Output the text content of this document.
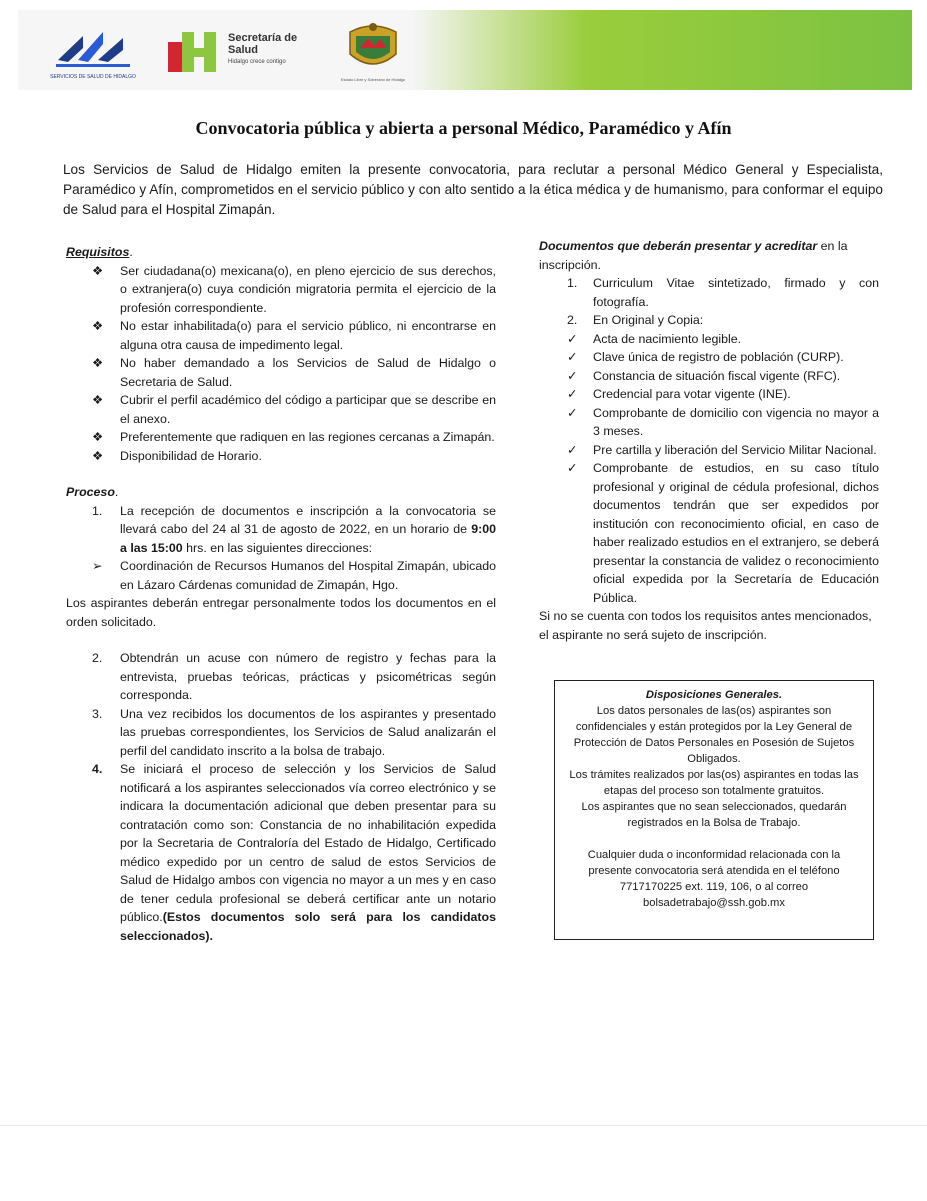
SERVICIOS DE SALUD DE HIDALGO
Secretaría de Salud
Hidalgo crece contigo
Estado Libre y Soberano de Hidalgo
Convocatoria pública y abierta a personal Médico, Paramédico y Afín

Los Servicios de Salud de Hidalgo emiten la presente convocatoria, para reclutar a personal Médico General y Especialista, Paramédico y Afín, comprometidos en el servicio público y con alto sentido a la ética médica y de humanismo, para conformar el equipo de Salud para el Hospital Zimapán.

Requisitos.

❖	Ser ciudadana(o) mexicana(o), en pleno ejercicio de sus derechos, o extranjera(o) cuya condición migratoria permita el ejercicio de la profesión correspondiente.
❖	No estar inhabilitada(o) para el servicio público, ni encontrarse en alguna otra causa de impedimento legal.
❖	No haber demandado a los Servicios de Salud de Hidalgo o Secretaria de Salud.
❖	Cubrir el perfil académico del código a participar que se describe en el anexo.
❖	Preferentemente que radiquen en las regiones cercanas a Zimapán.
❖	Disponibilidad de Horario.

Proceso.

1.	La recepción de documentos e inscripción a la convocatoria se llevará cabo del 24 al 31 de agosto de 2022, en un horario de 9:00 a las 15:00 hrs. en las siguientes direcciones:
➢	Coordinación de Recursos Humanos del Hospital Zimapán, ubicado en Lázaro Cárdenas comunidad de Zimapán, Hgo.

Los aspirantes deberán entregar personalmente todos los documentos en el orden solicitado.

2.	Obtendrán un acuse con número de registro y fechas para la entrevista, pruebas teóricas, prácticas y psicométricas según corresponda.
3.	Una vez recibidos los documentos de los aspirantes y presentado las pruebas correspondientes, los Servicios de Salud analizarán el perfil del candidato inscrito a la bolsa de trabajo.
4.	Se iniciará el proceso de selección y los Servicios de Salud notificará a los aspirantes seleccionados vía correo electrónico y se indicara la documentación adicional que deben presentar para su contratación como son: Constancia de no inhabilitación expedida por la Secretaria de Contraloría del Estado de Hidalgo, Certificado médico expedido por un centro de salud de estos Servicios de Salud de Hidalgo ambos con vigencia no mayor a un mes y en caso de tener cedula profesional se deberá certificar ante un notario público.(Estos documentos solo será para los candidatos seleccionados).

Documentos que deberán presentar y acreditar en la inscripción.

1.	Curriculum Vitae sintetizado, firmado y con fotografía.
2.	En Original y Copia:
✓	Acta de nacimiento legible.
✓	Clave única de registro de población (CURP).
✓	Constancia de situación fiscal vigente (RFC).
✓	Credencial para votar vigente (INE).
✓	Comprobante de domicilio con vigencia no mayor a 3 meses.
✓	Pre cartilla y liberación del Servicio Militar Nacional.
✓	Comprobante de estudios, en su caso título profesional y original de cédula profesional, dichos documentos tendrán que ser expedidos por institución con reconocimiento oficial, en caso de haber realizado estudios en el extranjero, se deberá presentar la constancia de validez o reconocimiento oficial expedida por la Secretaría de Educación Pública.

Si no se cuenta con todos los requisitos antes mencionados, el aspirante no será sujeto de inscripción.

Disposiciones Generales.
Los datos personales de las(os) aspirantes son confidenciales y están protegidos por la Ley General de Protección de Datos Personales en Posesión de Sujetos Obligados.
Los trámites realizados por las(os) aspirantes en todas las etapas del proceso son totalmente gratuitos.
Los aspirantes que no sean seleccionados, quedarán registrados en la Bolsa de Trabajo.
Cualquier duda o inconformidad relacionada con la presente convocatoria será atendida en el teléfono 7717170225 ext. 119, 106, o al correo bolsadetrabajo@ssh.gob.mx
